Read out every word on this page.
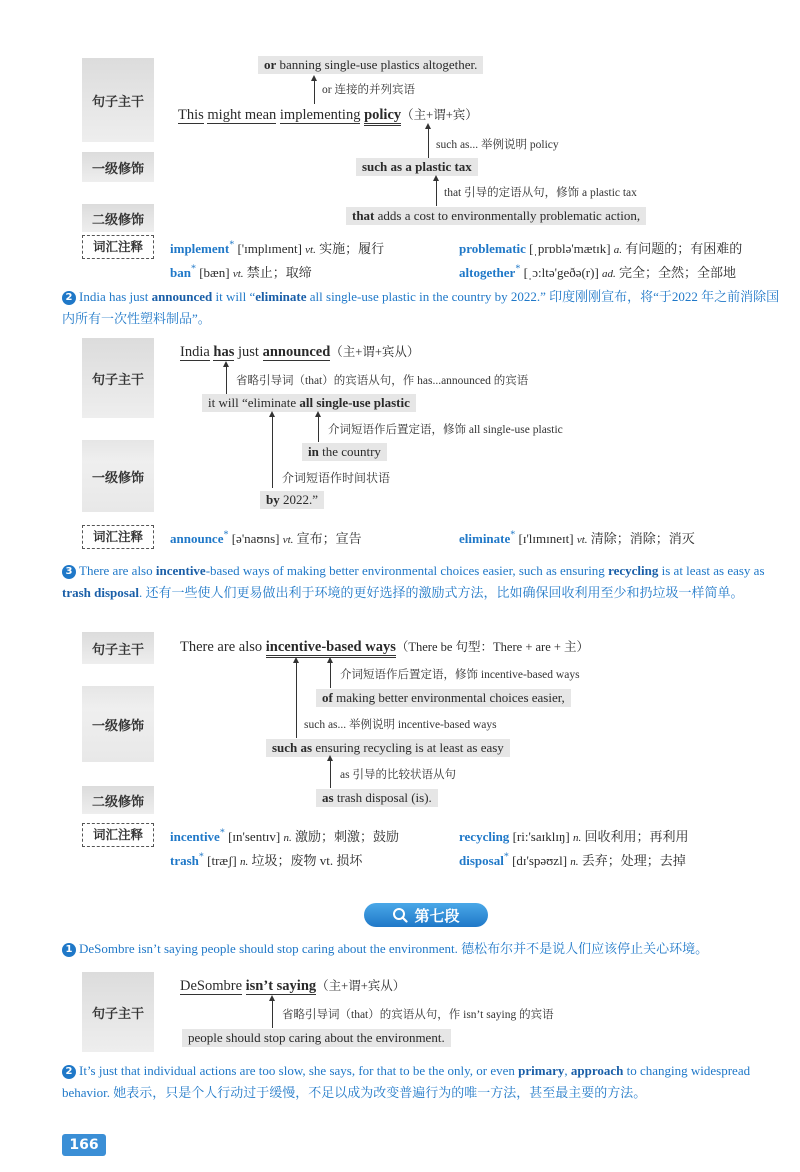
or banning single-use plastics altogether.
or 连接的并列宾语
句子主干
This might mean implementing policy（主+谓+宾）
such as... 举例说明 policy
一级修饰	such as a plastic tax
that 引导的定语从句，修饰 a plastic tax
二级修饰	that adds a cost to environmentally problematic action,
词汇注释	implement* ['ɪmplɪment] vt. 实施；履行	problematic [ˌprɒblə'mætɪk] a. 有问题的；有困难的
ban* [bæn] vt. 禁止；取缔	altogether* [ˌɔ:ltə'geðə(r)] ad. 完全；全然；全部地
2 India has just announced it will “eliminate all single-use plastic in the country by 2022.” 印度刚刚宣布，将“于2022 年之前消除国内所有一次性塑料制品”。
句子主干
India has just announced（主+谓+宾从）
省略引导词（that）的宾语从句，作 has...announced 的宾语
it will “eliminate all single-use plastic
介词短语作后置定语，修饰 all single-use plastic
一级修饰
in the country
介词短语作时间状语
by 2022.”
词汇注释	announce* [ə'naʊns] vt. 宣布；宣告	eliminate* [ɪ'lɪmɪneɪt] vt. 清除；消除；消灭
3 There are also incentive-based ways of making better environmental choices easier, such as ensuring recycling is at least as easy as trash disposal. 还有一些使人们更易做出利于环境的更好选择的激励式方法，比如确保回收利用至少和扔垃圾一样简单。
句子主干	There are also incentive-based ways（There be 句型：There + are + 主）
介词短语作后置定语，修饰 incentive-based ways
一级修饰
of making better environmental choices easier,
such as... 举例说明 incentive-based ways
such as ensuring recycling is at least as easy
as 引导的比较状语从句
二级修饰	as trash disposal (is).
词汇注释	incentive* [ɪn'sentɪv] n. 激励；刺激；鼓励	recycling [ri:'saɪklɪŋ] n. 回收利用；再利用
trash* [træʃ] n. 垃圾；废物 vt. 损坏	disposal* [dɪ'spəʊzl] n. 丢弃；处理；去掉
第七段
1 DeSombre isn’t saying people should stop caring about the environment. 德松布尔并不是说人们应该停止关心环境。
句子主干
DeSombre isn’t saying（主+谓+宾从）
省略引导词（that）的宾语从句，作 isn’t saying 的宾语
people should stop caring about the environment.
2 It’s just that individual actions are too slow, she says, for that to be the only, or even primary, approach to changing widespread behavior. 她表示，只是个人行动过于缓慢，不足以成为改变普遍行为的唯一方法，甚至最主要的方法。
166
